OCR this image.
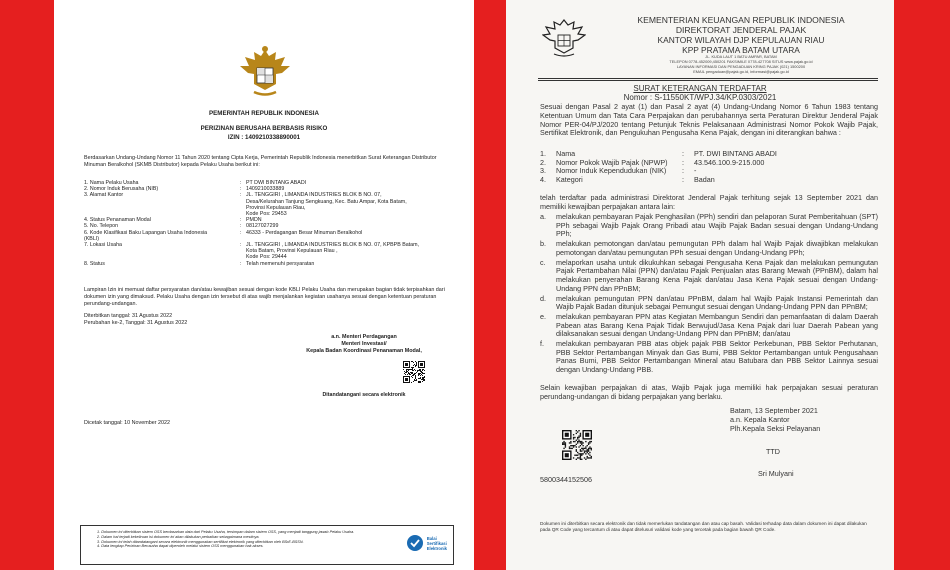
PEMERINTAH REPUBLIK INDONESIA
PERIZINAN BERUSAHA BERBASIS RISIKO
IZIN : 1409210338890001
Berdasarkan Undang-Undang Nomor 11 Tahun 2020 tentang Cipta Kerja, Pemerintah Republik Indonesia menerbitkan Surat Keterangan Distributor Minuman Beralkohol (SKMB Distributor) kepada Pelaku Usaha berikut ini:
1. Nama Pelaku Usaha	: PT DWI BINTANG ABADI
2. Nomor Induk Berusaha (NIB)	: 1409210033889
3. Alamat Kantor	: JL. TENGGIRI , LIMANDA INDUSTRIES BLOK B NO. 07,
Desa/Kelurahan Tanjung Sengkuang, Kec. Batu Ampar, Kota Batam,
Provinsi Kepulauan Riau,
Kode Pos: 29453
4. Status Penanaman Modal	: PMDN
5. No. Telepon	: 08127027299
6. Kode Klasifikasi Baku Lapangan Usaha Indonesia
(KBLI)
: 46333 - Perdagangan Besar Minuman Beralkohol
7. Lokasi Usaha	: JL. TENGGIRI , LIMANDA INDUSTRIES BLOK B NO. 07, KPBPB Batam,
Kota Batam, Provinsi Kepulauan Riau ,
Kode Pos: 29444
8. Status	: Telah memenuhi persyaratan
Lampiran Izin ini memuat daftar persyaratan dan/atau kewajiban sesuai dengan kode KBLI Pelaku Usaha dan merupakan bagian tidak terpisahkan dari dokumen izin yang dimaksud. Pelaku Usaha dengan izin tersebut di atas wajib menjalankan kegiatan usahanya sesuai dengan ketentuan peraturan perundang-undangan.
Diterbitkan tanggal: 31 Agustus 2022
Perubahan ke-2, Tanggal: 31 Agustus 2022
a.n. Menteri Perdagangan
Menteri Investasi/
Kepala Badan Koordinasi Penanaman Modal,
Ditandatangani secara elektronik
Dicetak tanggal: 10 November 2022
1. Dokumen ini diterbitkan sistem OSS berdasarkan data dari Pelaku Usaha, tersimpan dalam sistem OSS, yang menjadi tanggung jawab Pelaku Usaha.
2. Dalam hal terjadi kekeliruan isi dokumen ini akan dilakukan perbaikan sebagaimana mestinya.
3. Dokumen ini telah ditandatangani secara elektronik menggunakan sertifikat elektronik yang diterbitkan oleh BSrE-BSSN.
4. Data lengkap Perizinan Berusaha dapat diperoleh melalui sistem OSS menggunakan hak akses.
Balai
Sertifikasi
Elektronik
KEMENTERIAN KEUANGAN REPUBLIK INDONESIA
DIREKTORAT JENDERAL PAJAK
KANTOR WILAYAH DJP KEPULAUAN RIAU
KPP PRATAMA BATAM UTARA
JL. KUDA LAUT 1 BATU AMPAR, BATAM
TELEPON 0778-452009,450201 FAKSIMILE 0778-427708 SITUS www.pajak.go.id
LAYANAN INFORMASI DAN PENGADUAN KRING PAJAK (021) 1500200
EMAIL pengaduan@pajak.go.id, informasi@pajak.go.id
SURAT KETERANGAN TERDAFTAR
Nomor : S-11550KT/WPJ.34/KP.0303/2021
Sesuai dengan Pasal 2 ayat (1) dan Pasal 2 ayat (4) Undang-Undang Nomor 6 Tahun 1983 tentang Ketentuan Umum dan Tata Cara Perpajakan dan perubahannya serta Peraturan Direktur Jenderal Pajak Nomor PER-04/PJ/2020 tentang Petunjuk Teknis Pelaksanaan Administrasi Nomor Pokok Wajib Pajak, Sertifikat Elektronik, dan Pengukuhan Pengusaha Kena Pajak, dengan ini diterangkan bahwa :
1.	Nama	:	PT. DWI BINTANG ABADI
2.	Nomor Pokok Wajib Pajak (NPWP)	:	43.546.100.9-215.000
3.	Nomor Induk Kependudukan (NIK)	:	-
4.	Kategori	:	Badan
telah terdaftar pada administrasi Direktorat Jenderal Pajak terhitung sejak 13 September 2021 dan memiliki kewajiban perpajakan antara lain:
a.	melakukan pembayaran Pajak Penghasilan (PPh) sendiri dan pelaporan Surat Pemberitahuan (SPT) PPh sebagai Wajib Pajak Orang Pribadi atau Wajib Pajak Badan sesuai dengan Undang-Undang PPh;
b.	melakukan pemotongan dan/atau pemungutan PPh dalam hal Wajib Pajak diwajibkan melakukan pemotongan dan/atau pemungutan PPh sesuai dengan Undang-Undang PPh;
c.	melaporkan usaha untuk dikukuhkan sebagai Pengusaha Kena Pajak dan melakukan pemungutan Pajak Pertambahan Nilai (PPN) dan/atau Pajak Penjualan atas Barang Mewah (PPnBM), dalam hal melakukan penyerahan Barang Kena Pajak dan/atau Jasa Kena Pajak sesuai dengan Undang-Undang PPN dan PPnBM;
d.	melakukan pemungutan PPN dan/atau PPnBM, dalam hal Wajib Pajak Instansi Pemerintah dan Wajib Pajak Badan ditunjuk sebagai Pemungut sesuai dengan Undang-Undang PPN dan PPnBM;
e.	melakukan pembayaran PPN atas Kegiatan Membangun Sendiri dan pemanfaatan di dalam Daerah Pabean atas Barang Kena Pajak Tidak Berwujud/Jasa Kena Pajak dari luar Daerah Pabean yang dilaksanakan sesuai dengan Undang-Undang PPN dan PPnBM; dan/atau
f.	melakukan pembayaran PBB atas objek pajak PBB Sektor Perkebunan, PBB Sektor Perhutanan, PBB Sektor Pertambangan Minyak dan Gas Bumi, PBB Sektor Pertambangan untuk Pengusahaan Panas Bumi, PBB Sektor Pertambangan Mineral atau Batubara dan PBB Sektor Lainnya sesuai dengan Undang-Undang PBB.
Selain kewajiban perpajakan di atas, Wajib Pajak juga memiliki hak perpajakan sesuai peraturan perundang-undangan di bidang perpajakan yang berlaku.
Batam, 13 September 2021
a.n. Kepala Kantor
Plh.Kepala Seksi Pelayanan
TTD
Sri Mulyani
5800344152506
Dokumen ini diterbitkan secara elektronik dan tidak memerlukan tandatangan dan atau cap basah. Validasi terhadap data dalam dokumen ini dapat dilakukan pada QR Code yang tercantum di atau dapat ditelusuri validasi kode yang tercetak pada bagian bawah QR Code.
